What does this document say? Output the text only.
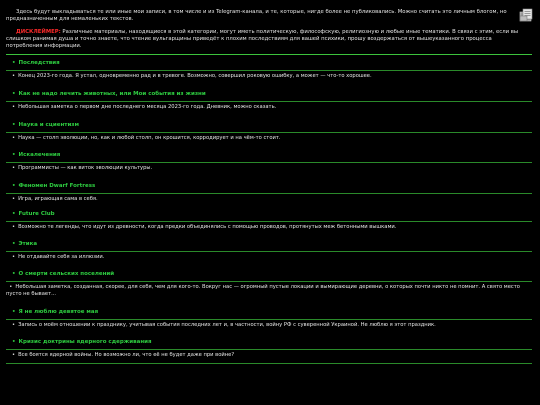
Здесь будут выкладываться те или иные мои записи, в том числе и из Telegram-канала, и те, которые, нигде более не публиковались. Можно считать это личным блогом, но предназначенным для немаленьких текстов.

ДИСКЛЕЙМЕР: Различные материалы, находящиеся в этой категории, могут иметь политическую, философскую, религиозную и любые иные тематики. В связи с этим, если вы слишком ранимая душа и точно знаете, что чтение вульгарщины приведёт к плохим последствиям для вашей психики, прошу воздержаться от вышеуказанного процесса потребления информации.

• Последствия
• Конец 2023-го года. Я устал, одновременно рад и в тревоге. Возможно, совершил роковую ошибку, а может — что-то хорошее.
• Как не надо лечить животных, или Мои события из жизни
• Небольшая заметка о первом дне последнего месяца 2023-го года. Дневник, можно сказать.
• Наука и сциентизм
• Наука — столп эволюции, но, как и любой столп, он крошится, корродирует и на чём-то стоит.
• Искалечения
• Программисты — как виток эволюции культуры.
• Феномен Dwarf Fortress
• Игра, играющая сама в себя.
• Future Club
• Возможно те легенды, что идут из древности, когда предки объединялись с помощью проводов, протянутых меж бетонными вышками.
• Этика
• Не отдавайте себя за иллюзии.
• О смерти сельских поселений
• Небольшая заметка, созданная, скорее, для себя, чем для кого-то. Вокруг нас — огромный пустые локации и вымирающие деревни, о которых почти никто не помнит. А свято место пусто не бывает...
• Я не люблю девятое мая
• Запись о моём отношении к празднику, учитывая события последних лет и, в частности, войну РФ с суверенной Украиной. Не люблю я этот праздник.
• Кризис доктрины ядерного сдерживания
• Все боятся ядерной войны. Но возможно ли, что её не будет даже при войне?
